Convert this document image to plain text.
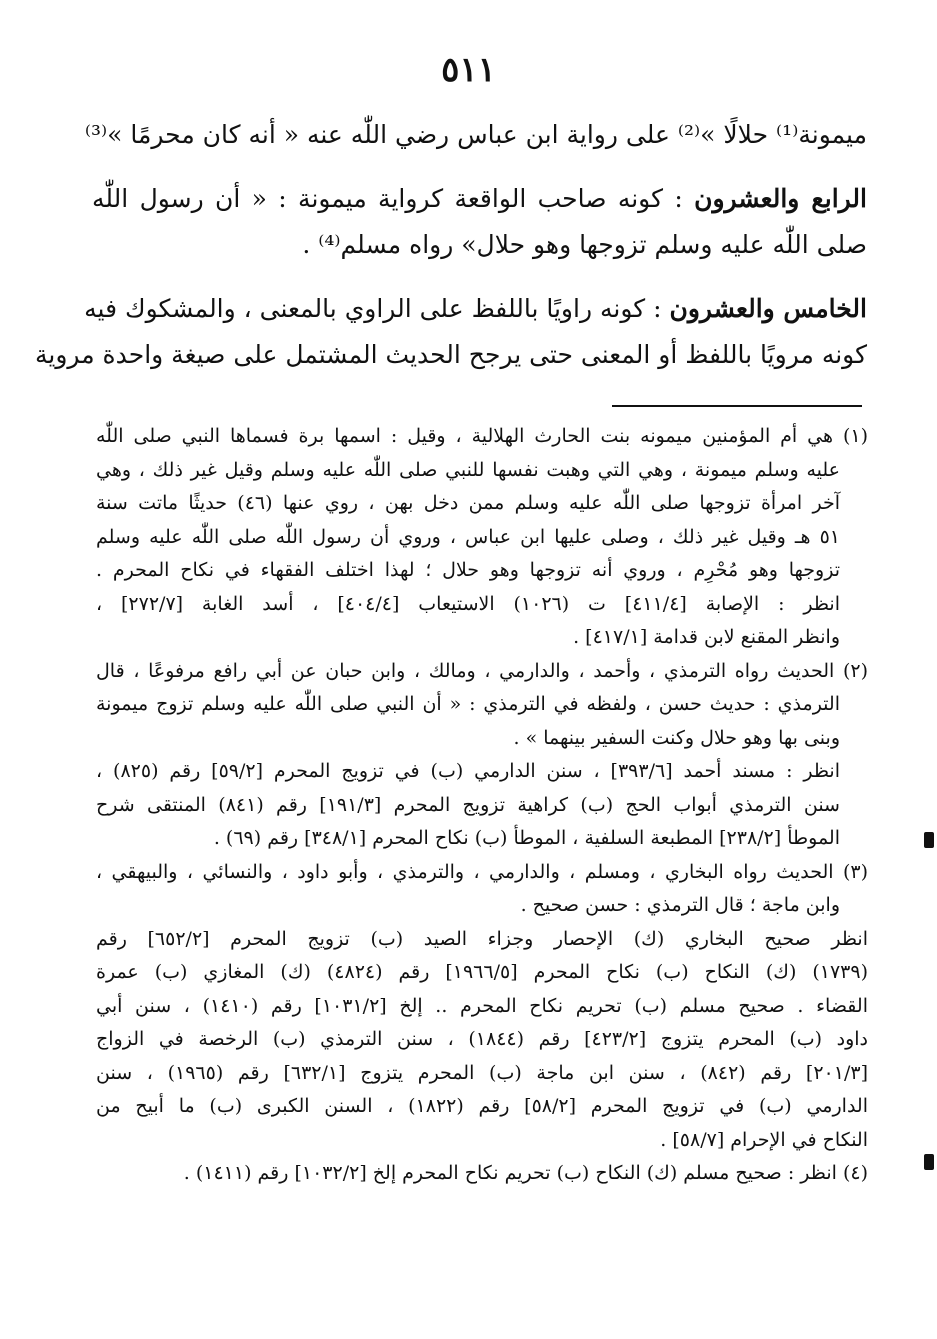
٥١١
ميمونة⁽¹⁾ حلالًا »⁽²⁾ على رواية ابن عباس رضي اللّٰه عنه « أنه كان محرمًا »⁽³⁾
الرابع والعشرون : كونه صاحب الواقعة كرواية ميمونة : « أن رسول اللّٰه
صلى اللّٰه عليه وسلم تزوجها وهو حلال» رواه مسلم⁽⁴⁾ .
الخامس والعشرون : كونه راويًا باللفظ على الراوي بالمعنى ، والمشكوك فيه
كونه مرويًا باللفظ أو المعنى حتى يرجح الحديث المشتمل على صيغة واحدة مروية
(١) هي أم المؤمنين ميمونه بنت الحارث الهلالية ، وقيل : اسمها برة فسماها النبي صلى اللّٰه
عليه وسلم ميمونة ، وهي التي وهبت نفسها للنبي صلى اللّٰه عليه وسلم وقيل غير ذلك ، وهي
آخر امرأة تزوجها صلى اللّٰه عليه وسلم ممن دخل بهن ، روي عنها (٤٦) حديثًا ماتت سنة
٥١ هـ وقيل غير ذلك ، وصلى عليها ابن عباس ، وروي أن رسول اللّٰه صلى اللّٰه عليه وسلم
تزوجها وهو مُحْرِم ، وروي أنه تزوجها وهو حلال ؛ لهذا اختلف الفقهاء في نكاح المحرم .
انظر : الإصابة [٤١١/٤] ت (١٠٢٦) الاستيعاب [٤٠٤/٤] ، أسد الغابة [٢٧٢/٧] ،
وانظر المقنع لابن قدامة [٤١٧/١] .
(٢) الحديث رواه الترمذي ، وأحمد ، والدارمي ، ومالك ، وابن حبان عن أبي رافع مرفوعًا ، قال
الترمذي : حديث حسن ، ولفظه في الترمذي : « أن النبي صلى اللّٰه عليه وسلم تزوج ميمونة
وبنى بها وهو حلال وكنت السفير بينهما » .
انظر : مسند أحمد [٣٩٣/٦] ، سنن الدارمي (ب) في تزويج المحرم [٥٩/٢] رقم (٨٢٥) ،
سنن الترمذي أبواب الحج (ب) كراهية تزويج المحرم [١٩١/٣] رقم (٨٤١) المنتقى شرح
الموطأ [٢٣٨/٢] المطبعة السلفية ، الموطأ (ب) نكاح المحرم [٣٤٨/١] رقم (٦٩) .
(٣) الحديث رواه البخاري ، ومسلم ، والدارمي ، والترمذي ، وأبو داود ، والنسائي ، والبيهقي ،
وابن ماجة ؛ قال الترمذي : حسن صحيح .
انظر صحيح البخاري (ك) الإحصار وجزاء الصيد (ب) تزويج المحرم [٦٥٢/٢] رقم
(١٧٣٩) (ك) النكاح (ب) نكاح المحرم [١٩٦٦/٥] رقم (٤٨٢٤) (ك) المغازي (ب) عمرة
القضاء . صحيح مسلم (ب) تحريم نكاح المحرم .. إلخ [١٠٣١/٢] رقم (١٤١٠) ، سنن أبي
داود (ب) المحرم يتزوج [٤٢٣/٢] رقم (١٨٤٤) ، سنن الترمذي (ب) الرخصة في الزواج
[٢٠١/٣] رقم (٨٤٢) ، سنن ابن ماجة (ب) المحرم يتزوج [٦٣٢/١] رقم (١٩٦٥) ، سنن
الدارمي (ب) في تزويج المحرم [٥٨/٢] رقم (١٨٢٢) ، السنن الكبرى (ب) ما أبيح من
النكاح في الإحرام [٥٨/٧] .
(٤) انظر : صحيح مسلم (ك) النكاح (ب) تحريم نكاح المحرم إلخ [١٠٣٢/٢] رقم (١٤١١) .
